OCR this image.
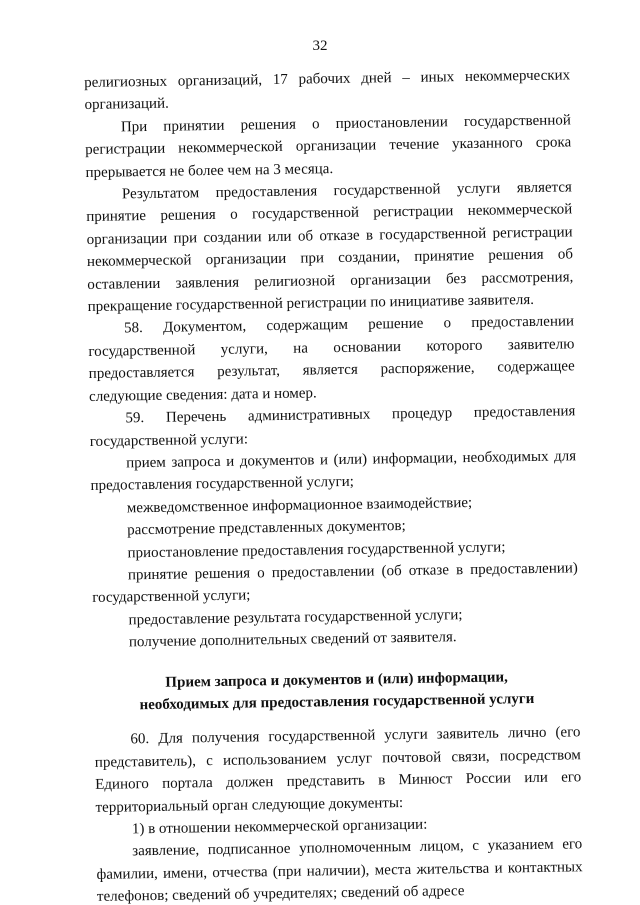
32

религиозных организаций, 17 рабочих дней – иных некоммерческих организаций.

При принятии решения о приостановлении государственной регистрации некоммерческой организации течение указанного срока прерывается не более чем на 3 месяца.

Результатом предоставления государственной услуги является принятие решения о государственной регистрации некоммерческой организации при создании или об отказе в государственной регистрации некоммерческой организации при создании, принятие решения об оставлении заявления религиозной организации без рассмотрения, прекращение государственной регистрации по инициативе заявителя.

58. Документом, содержащим решение о предоставлении государственной услуги, на основании которого заявителю предоставляется результат, является распоряжение, содержащее следующие сведения: дата и номер.

59. Перечень административных процедур предоставления государственной услуги:

прием запроса и документов и (или) информации, необходимых для предоставления государственной услуги;

межведомственное информационное взаимодействие;

рассмотрение представленных документов;

приостановление предоставления государственной услуги;

принятие решения о предоставлении (об отказе в предоставлении) государственной услуги;

предоставление результата государственной услуги;

получение дополнительных сведений от заявителя.

Прием запроса и документов и (или) информации,
необходимых для предоставления государственной услуги

60. Для получения государственной услуги заявитель лично (его представитель), с использованием услуг почтовой связи, посредством Единого портала должен представить в Минюст России или его территориальный орган следующие документы:

1) в отношении некоммерческой организации:

заявление, подписанное уполномоченным лицом, с указанием его фамилии, имени, отчества (при наличии), места жительства и контактных телефонов; сведений об учредителях; сведений об адресе
